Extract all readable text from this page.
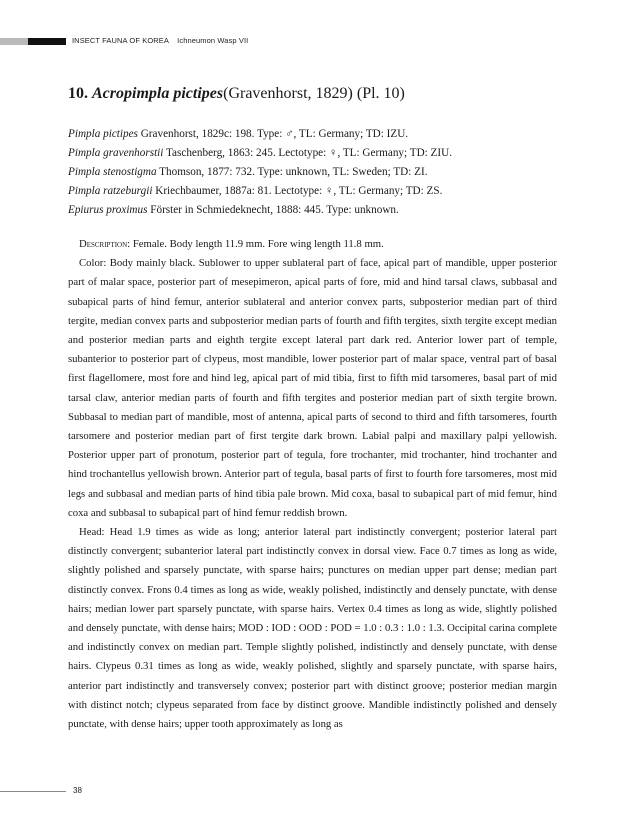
INSECT FAUNA OF KOREA Ichneumon Wasp VII
10. Acropimpla pictipes(Gravenhorst, 1829) (Pl. 10)
Pimpla pictipes Gravenhorst, 1829c: 198. Type: ♂, TL: Germany; TD: IZU.
Pimpla gravenhorstii Taschenberg, 1863: 245. Lectotype: ♀, TL: Germany; TD: ZIU.
Pimpla stenostigma Thomson, 1877: 732. Type: unknown, TL: Sweden; TD: ZI.
Pimpla ratzeburgii Kriechbaumer, 1887a: 81. Lectotype: ♀, TL: Germany; TD: ZS.
Epiurus proximus Förster in Schmiedeknecht, 1888: 445. Type: unknown.

Description: Female. Body length 11.9 mm. Fore wing length 11.8 mm.

Color: Body mainly black. Sublower to upper sublateral part of face, apical part of mandible, upper posterior part of malar space, posterior part of mesepimeron, apical parts of fore, mid and hind tarsal claws, subbasal and subapical parts of hind femur, anterior sublateral and anterior convex parts, subposterior median part of third tergite, median convex parts and subposterior median parts of fourth and fifth tergites, sixth tergite except median and posterior median parts and eighth tergite except lateral part dark red. Anterior lower part of temple, subanterior to posterior part of clypeus, most mandible, lower posterior part of malar space, ventral part of basal first flagellomere, most fore and hind leg, apical part of mid tibia, first to fifth mid tarsomeres, basal part of mid tarsal claw, anterior median parts of fourth and fifth tergites and posterior median part of sixth tergite brown. Subbasal to median part of mandible, most of antenna, apical parts of second to third and fifth tarsomeres, fourth tarsomere and posterior median part of first tergite dark brown. Labial palpi and maxillary palpi yellowish. Posterior upper part of pronotum, posterior part of tegula, fore trochanter, mid trochanter, hind trochanter and hind trochantellus yellowish brown. Anterior part of tegula, basal parts of first to fourth fore tarsomeres, most mid legs and subbasal and median parts of hind tibia pale brown. Mid coxa, basal to subapical part of mid femur, hind coxa and subbasal to subapical part of hind femur reddish brown.

Head: Head 1.9 times as wide as long; anterior lateral part indistinctly convergent; posterior lateral part distinctly convergent; subanterior lateral part indistinctly convex in dorsal view. Face 0.7 times as long as wide, slightly polished and sparsely punctate, with sparse hairs; punctures on median upper part dense; median part distinctly convex. Frons 0.4 times as long as wide, weakly polished, indistinctly and densely punctate, with dense hairs; median lower part sparsely punctate, with sparse hairs. Vertex 0.4 times as long as wide, slightly polished and densely punctate, with dense hairs; MOD : IOD : OOD : POD = 1.0 : 0.3 : 1.0 : 1.3. Occipital carina complete and indistinctly convex on median part. Temple slightly polished, indistinctly and densely punctate, with dense hairs. Clypeus 0.31 times as long as wide, weakly polished, slightly and sparsely punctate, with sparse hairs, anterior part indistinctly and transversely convex; posterior part with distinct groove; posterior median margin with distinct notch; clypeus separated from face by distinct groove. Mandible indistinctly polished and densely punctate, with dense hairs; upper tooth approximately as long as

38
